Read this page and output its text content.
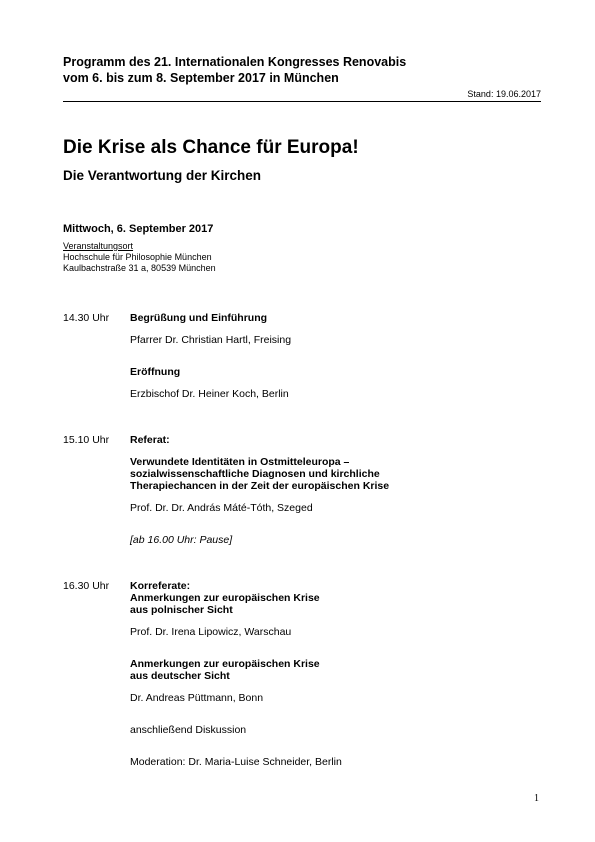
Programm des 21. Internationalen Kongresses Renovabis
vom 6. bis zum 8. September 2017 in München
Stand: 19.06.2017
Die Krise als Chance für Europa!
Die Verantwortung der Kirchen
Mittwoch, 6. September 2017
Veranstaltungsort
Hochschule für Philosophie München
Kaulbachstraße 31 a, 80539 München
14.30 Uhr Begrüßung und Einführung
Pfarrer Dr. Christian Hartl, Freising
Eröffnung
Erzbischof Dr. Heiner Koch, Berlin
15.10 Uhr Referat:
Verwundete Identitäten in Ostmitteleuropa –
sozialwissenschaftliche Diagnosen und kirchliche
Therapiechancen in der Zeit der europäischen Krise
Prof. Dr. Dr. András Máté-Tóth, Szeged
[ab 16.00 Uhr: Pause]
16.30 Uhr Korreferate:
Anmerkungen zur europäischen Krise
aus polnischer Sicht
Prof. Dr. Irena Lipowicz, Warschau
Anmerkungen zur europäischen Krise
aus deutscher Sicht
Dr. Andreas Püttmann, Bonn
anschließend Diskussion
Moderation: Dr. Maria-Luise Schneider, Berlin
1
